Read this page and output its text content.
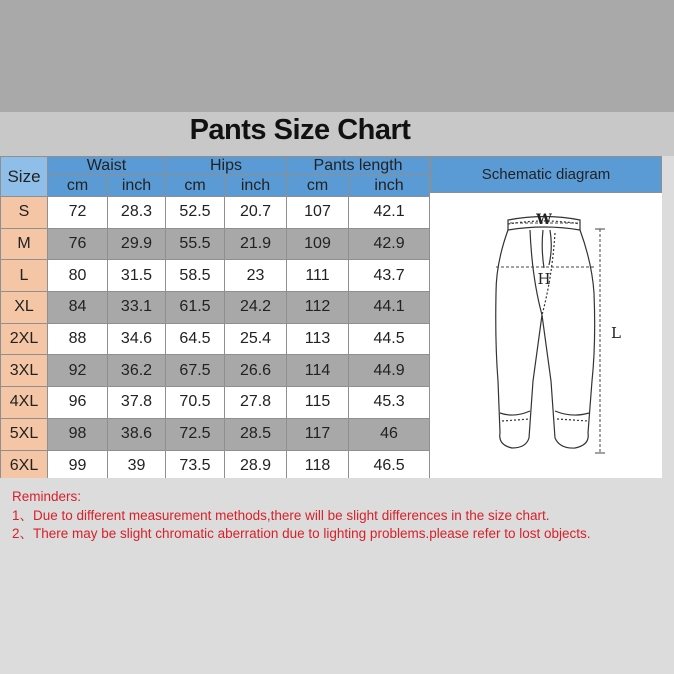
Pants Size Chart
Size	Waist		Hips		Pants length	
	cm	inch	cm	inch	cm	inch
S	72	28.3	52.5	20.7	107	42.1
M	76	29.9	55.5	21.9	109	42.9
L	80	31.5	58.5	23	111	43.7
XL	84	33.1	61.5	24.2	112	44.1
2XL	88	34.6	64.5	25.4	113	44.5
3XL	92	36.2	67.5	26.6	114	44.9
4XL	96	37.8	70.5	27.8	115	45.3
5XL	98	38.6	72.5	28.5	117	46
6XL	99	39	73.5	28.9	118	46.5
Schematic diagram
W
H
L
Reminders:
1、Due to different measurement methods,there will be slight differences in the size chart.
2、There may be slight chromatic aberration due to lighting problems.please refer to lost objects.
